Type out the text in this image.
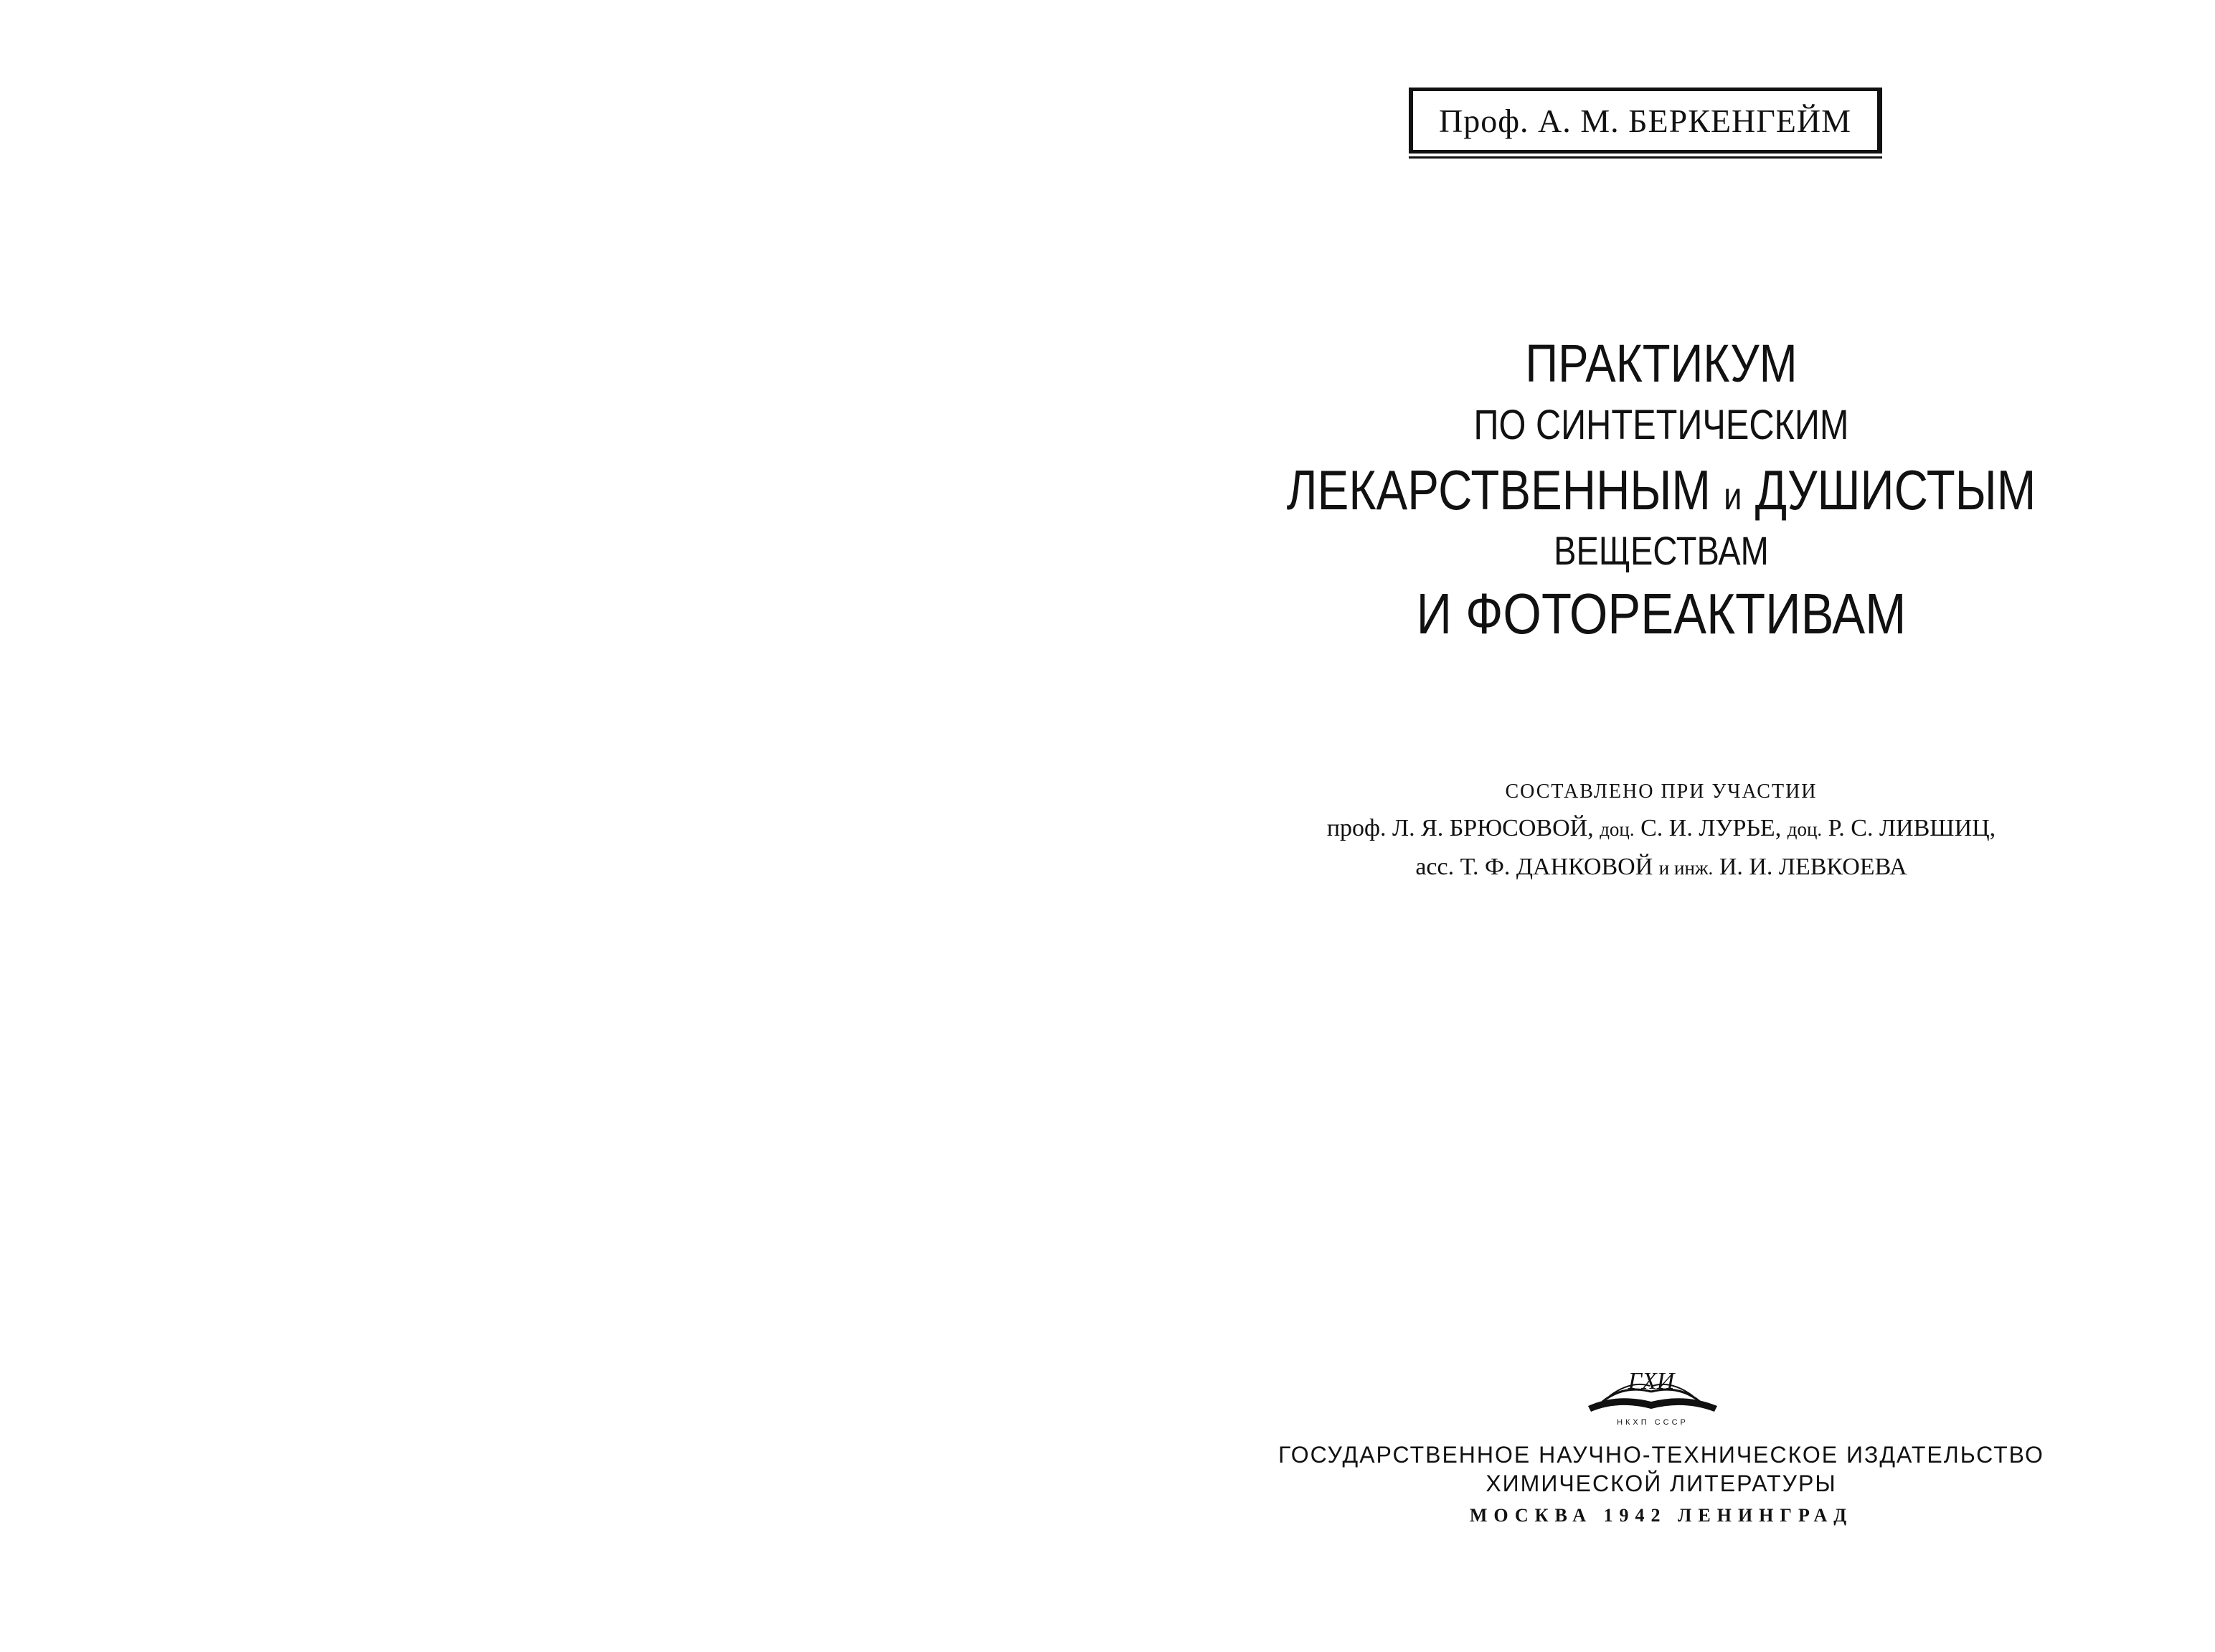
Проф. А. М. БЕРКЕНГЕЙМ
ПРАКТИКУМ
ПО СИНТЕТИЧЕСКИМ
ЛЕКАРСТВЕННЫМ и ДУШИСТЫМ
ВЕЩЕСТВАМ
И ФОТОРЕАКТИВАМ
СОСТАВЛЕНО ПРИ УЧАСТИИ
проф. Л. Я. БРЮСОВОЙ, доц. С. И. ЛУРЬЕ, доц. Р. С. ЛИВШИЦ,
асс. Т. Ф. ДАНКОВОЙ и инж. И. И. ЛЕВКОЕВА
ГХИ
НКХП СССР
ГОСУДАРСТВЕННОЕ НАУЧНО-ТЕХНИЧЕСКОЕ ИЗДАТЕЛЬСТВО
ХИМИЧЕСКОЙ ЛИТЕРАТУРЫ
МОСКВА 1942 ЛЕНИНГРАД
